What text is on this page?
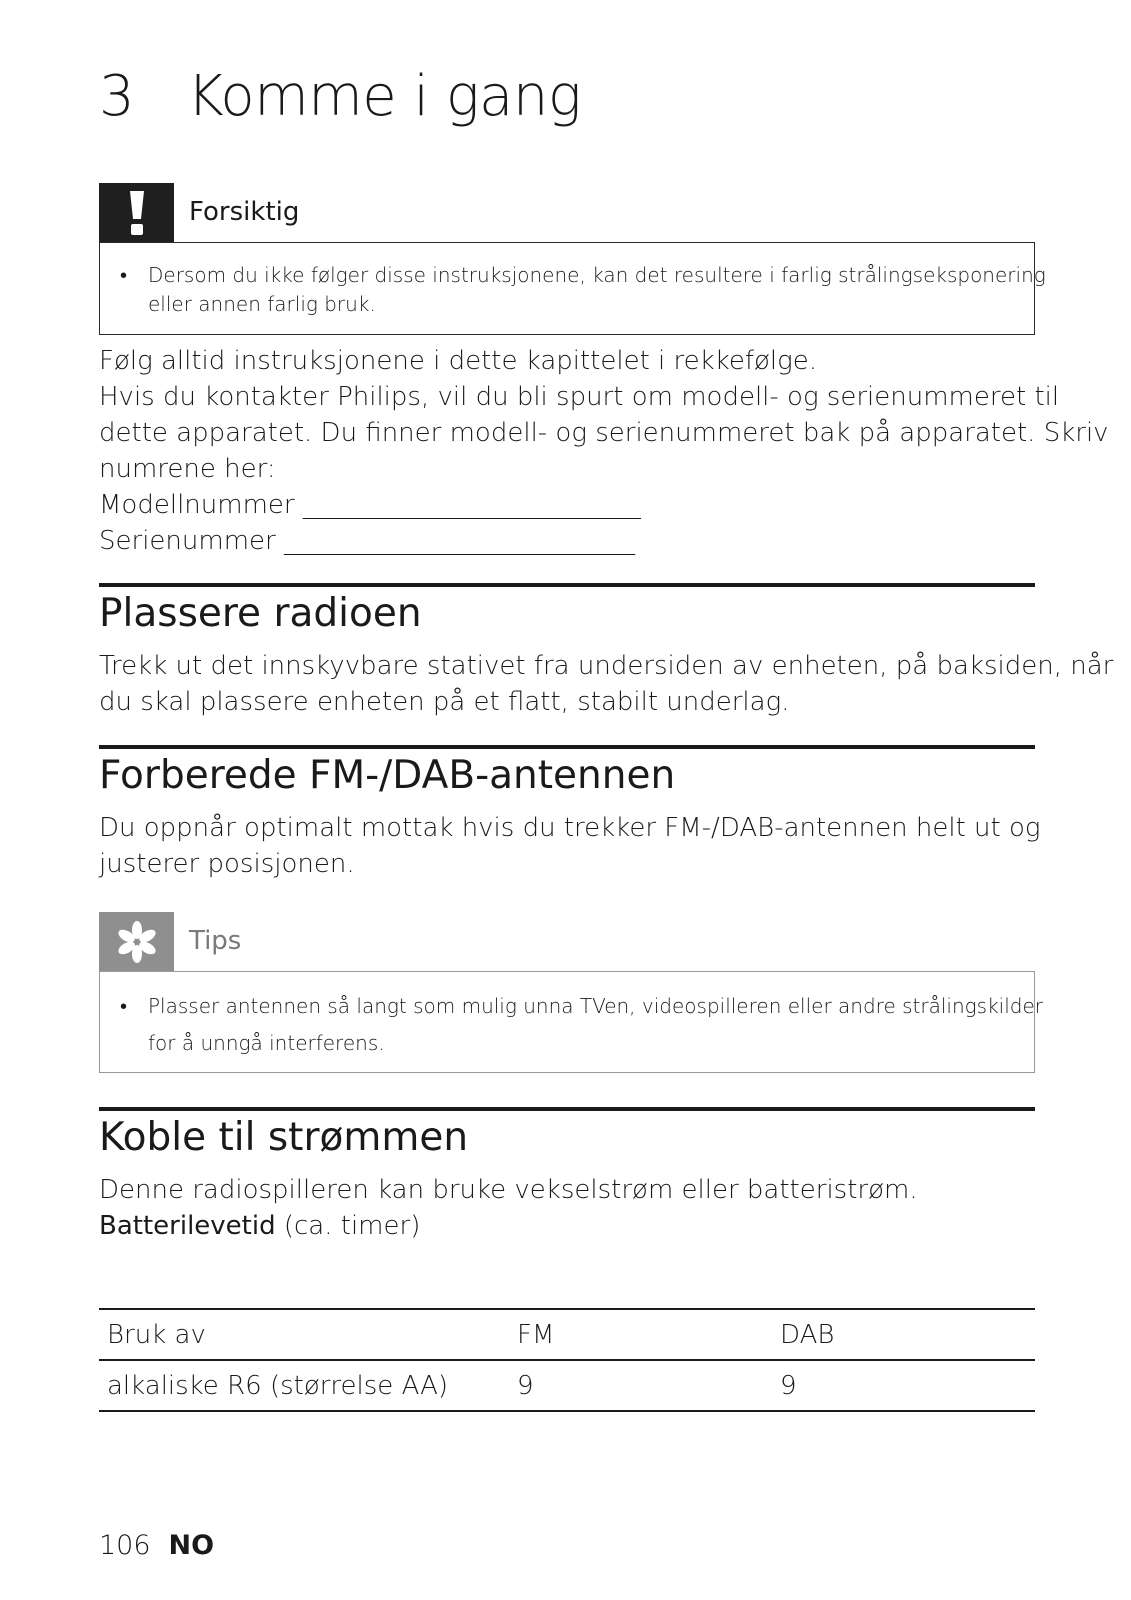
3 Komme i gang
Forsiktig
• Dersom du ikke følger disse instruksjonene, kan det resultere i farlig strålingseksponering
eller annen farlig bruk.
Følg alltid instruksjonene i dette kapittelet i rekkefølge.
Hvis du kontakter Philips, vil du bli spurt om modell- og serienummeret til
dette apparatet. Du finner modell- og serienummeret bak på apparatet. Skriv
numrene her:
Modellnummer __________________________
Serienummer ___________________________
Plassere radioen
Trekk ut det innskyvbare stativet fra undersiden av enheten, på baksiden, når
du skal plassere enheten på et flatt, stabilt underlag.
Forberede FM-/DAB-antennen
Du oppnår optimalt mottak hvis du trekker FM-/DAB-antennen helt ut og
justerer posisjonen.
Tips
• Plasser antennen så langt som mulig unna TVen, videospilleren eller andre strålingskilder
for å unngå interferens.
Koble til strømmen
Denne radiospilleren kan bruke vekselstrøm eller batteristrøm.
Batterilevetid (ca. timer)
Bruk av	FM	DAB
alkaliske R6 (størrelse AA)	9	9
106 NO
